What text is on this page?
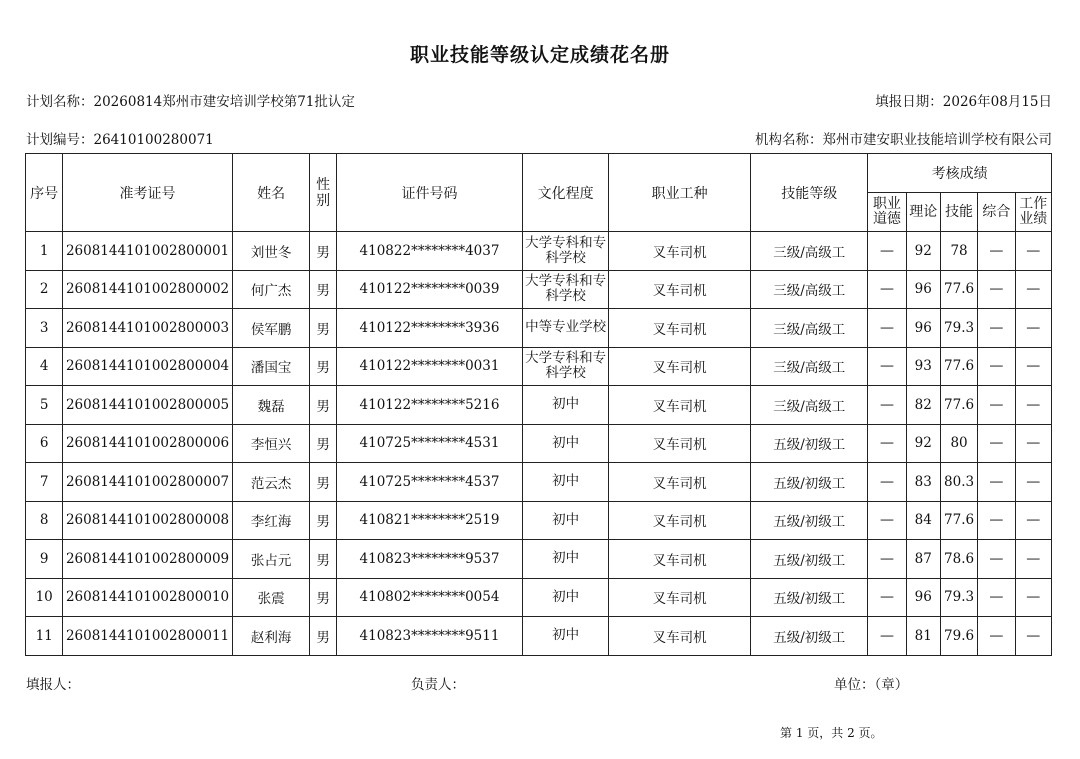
职业技能等级认定成绩花名册
计划名称：20260814郑州市建安培训学校第71批认定	填报日期：2026年08月15日
计划编号：26410100280071	机构名称：郑州市建安职业技能培训学校有限公司
序号	准考证号	姓名	性别	证件号码	文化程度	职业工种	技能等级	考核成绩				
								职业道德	理论	技能	综合	工作业绩
1	2608144101002800001	刘世冬	男	410822********4037	大学专科和专科学校	叉车司机	三级/高级工	—	92	78	—	—
2	2608144101002800002	何广杰	男	410122********0039	大学专科和专科学校	叉车司机	三级/高级工	—	96	77.6	—	—
3	2608144101002800003	侯军鹏	男	410122********3936	中等专业学校	叉车司机	三级/高级工	—	96	79.3	—	—
4	2608144101002800004	潘国宝	男	410122********0031	大学专科和专科学校	叉车司机	三级/高级工	—	93	77.6	—	—
5	2608144101002800005	魏磊	男	410122********5216	初中	叉车司机	三级/高级工	—	82	77.6	—	—
6	2608144101002800006	李恒兴	男	410725********4531	初中	叉车司机	五级/初级工	—	92	80	—	—
7	2608144101002800007	范云杰	男	410725********4537	初中	叉车司机	五级/初级工	—	83	80.3	—	—
8	2608144101002800008	李红海	男	410821********2519	初中	叉车司机	五级/初级工	—	84	77.6	—	—
9	2608144101002800009	张占元	男	410823********9537	初中	叉车司机	五级/初级工	—	87	78.6	—	—
10	2608144101002800010	张震	男	410802********0054	初中	叉车司机	五级/初级工	—	96	79.3	—	—
11	2608144101002800011	赵利海	男	410823********9511	初中	叉车司机	五级/初级工	—	81	79.6	—	—
填报人：	负责人：	单位：（章）
第 1 页，共 2 页。
